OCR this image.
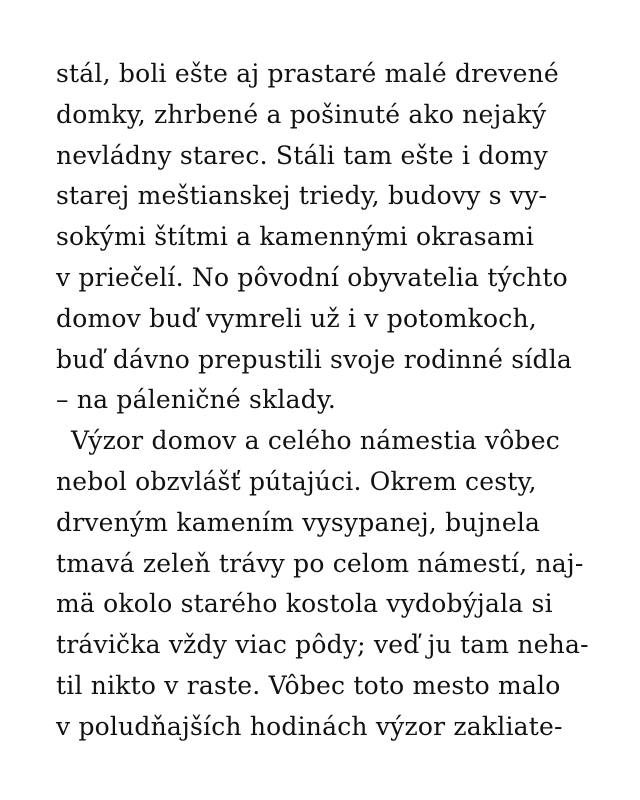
stál, boli ešte aj prastaré malé drevené
domky, zhrbené a pošinuté ako nejaký
nevládny starec. Stáli tam ešte i domy
starej meštianskej triedy, budovy s vy-
sokými štítmi a kamennými okrasami
v priečelí. No pôvodní obyvatelia týchto
domov buď vymreli už i v potomkoch,
buď dávno prepustili svoje rodinné sídla
– na páleničné sklady.
Výzor domov a celého námestia vôbec
nebol obzvlášť pútajúci. Okrem cesty,
drveným kamením vysypanej, bujnela
tmavá zeleň trávy po celom námestí, naj-
mä okolo starého kostola vydobýjala si
trávička vždy viac pôdy; veď ju tam neha-
til nikto v raste. Vôbec toto mesto malo
v poludňajších hodinách výzor zakliate-
